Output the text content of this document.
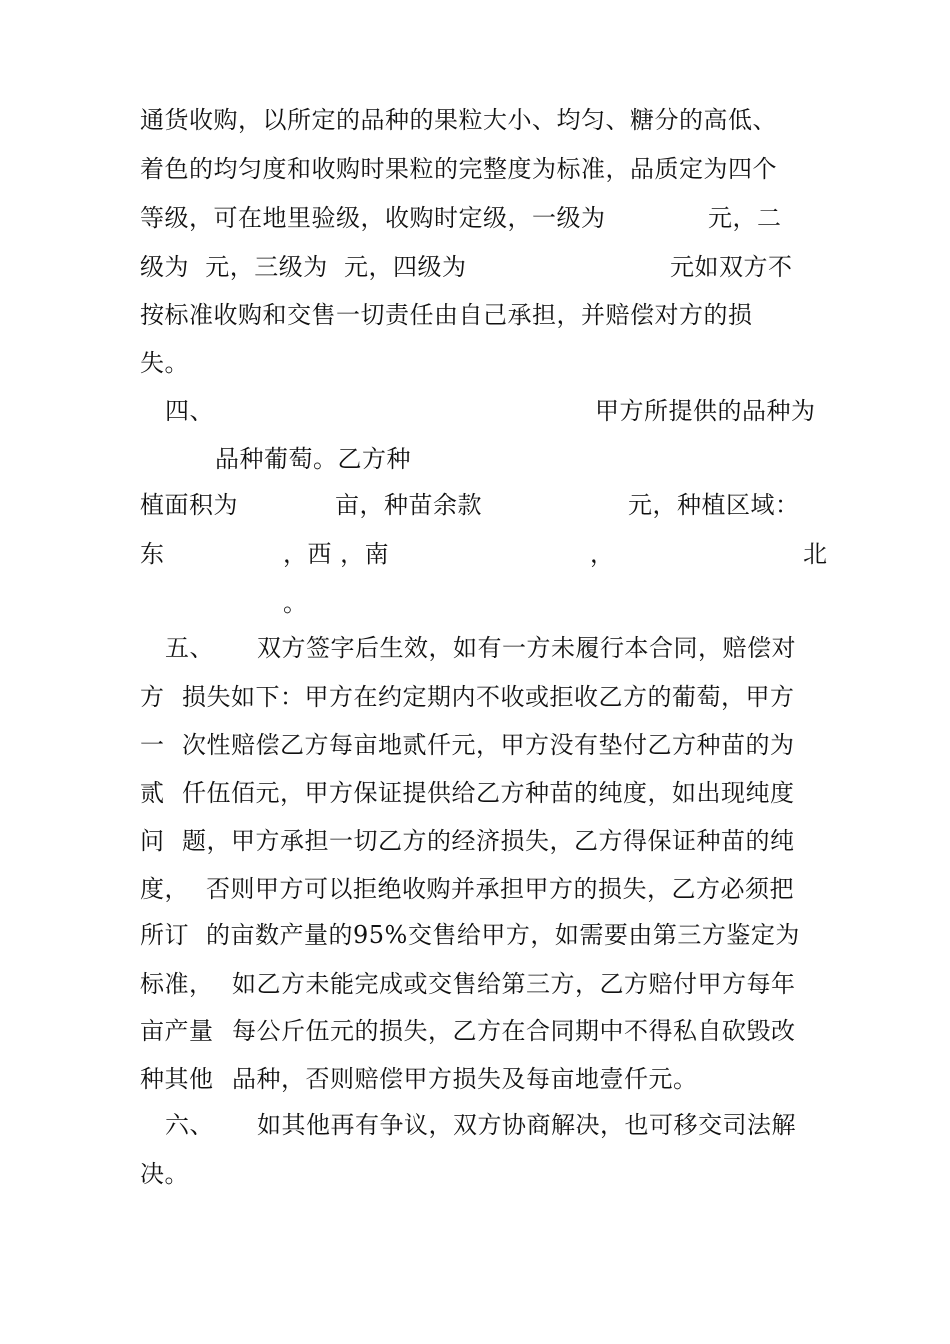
通货收购，以所定的品种的果粒大小、均匀、糖分的高低、
着色的均匀度和收购时果粒的完整度为标准，品质定为四个
等级，可在地里验级，收购时定级，一级为	元，二
级为  元，三级为  元，四级为	元如双方不
按标准收购和交售一切责任由自己承担，并赔偿对方的损
失。
四、	甲方所提供的品种为
品种葡萄。乙方种
植面积为	亩，种苗余款	元，种植区域：
东	，西 ，南	，	北
。
五、 双方签字后生效，如有一方未履行本合同，赔偿对
方 损失如下：甲方在约定期内不收或拒收乙方的葡萄，甲方
一 次性赔偿乙方每亩地贰仟元，甲方没有垫付乙方种苗的为
贰 仟伍佰元，甲方保证提供给乙方种苗的纯度，如出现纯度
问 题，甲方承担一切乙方的经济损失，乙方得保证种苗的纯
度， 否则甲方可以拒绝收购并承担甲方的损失，乙方必须把
所订 的亩数产量的95%交售给甲方，如需要由第三方鉴定为
标准， 如乙方未能完成或交售给第三方，乙方赔付甲方每年
亩产量 每公斤伍元的损失，乙方在合同期中不得私自砍毁改
种其他 品种，否则赔偿甲方损失及每亩地壹仟元。
六、 如其他再有争议，双方协商解决，也可移交司法解
决。
